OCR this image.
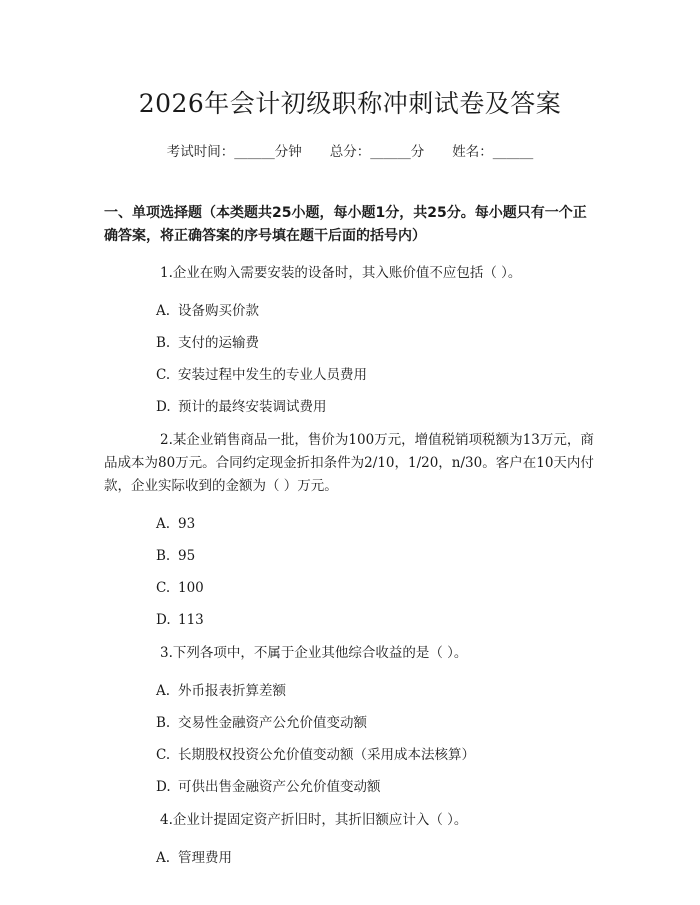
2026年会计初级职称冲刺试卷及答案
考试时间：______分钟 总分：______分 姓名：______

一、单项选择题（本类题共25小题，每小题1分，共25分。每小题只有一个正确答案，将正确答案的序号填在题干后面的括号内）

1.企业在购入需要安装的设备时，其入账价值不应包括（ ）。

A. 设备购买价款
B. 支付的运输费
C. 安装过程中发生的专业人员费用
D. 预计的最终安装调试费用

2.某企业销售商品一批，售价为100万元，增值税销项税额为13万元，商品成本为80万元。合同约定现金折扣条件为2/10，1/20，n/30。客户在10天内付款，企业实际收到的金额为（ ）万元。

A. 93
B. 95
C. 100
D. 113

3.下列各项中，不属于企业其他综合收益的是（ ）。

A. 外币报表折算差额
B. 交易性金融资产公允价值变动额
C. 长期股权投资公允价值变动额（采用成本法核算）
D. 可供出售金融资产公允价值变动额

4.企业计提固定资产折旧时，其折旧额应计入（ ）。

A. 管理费用
